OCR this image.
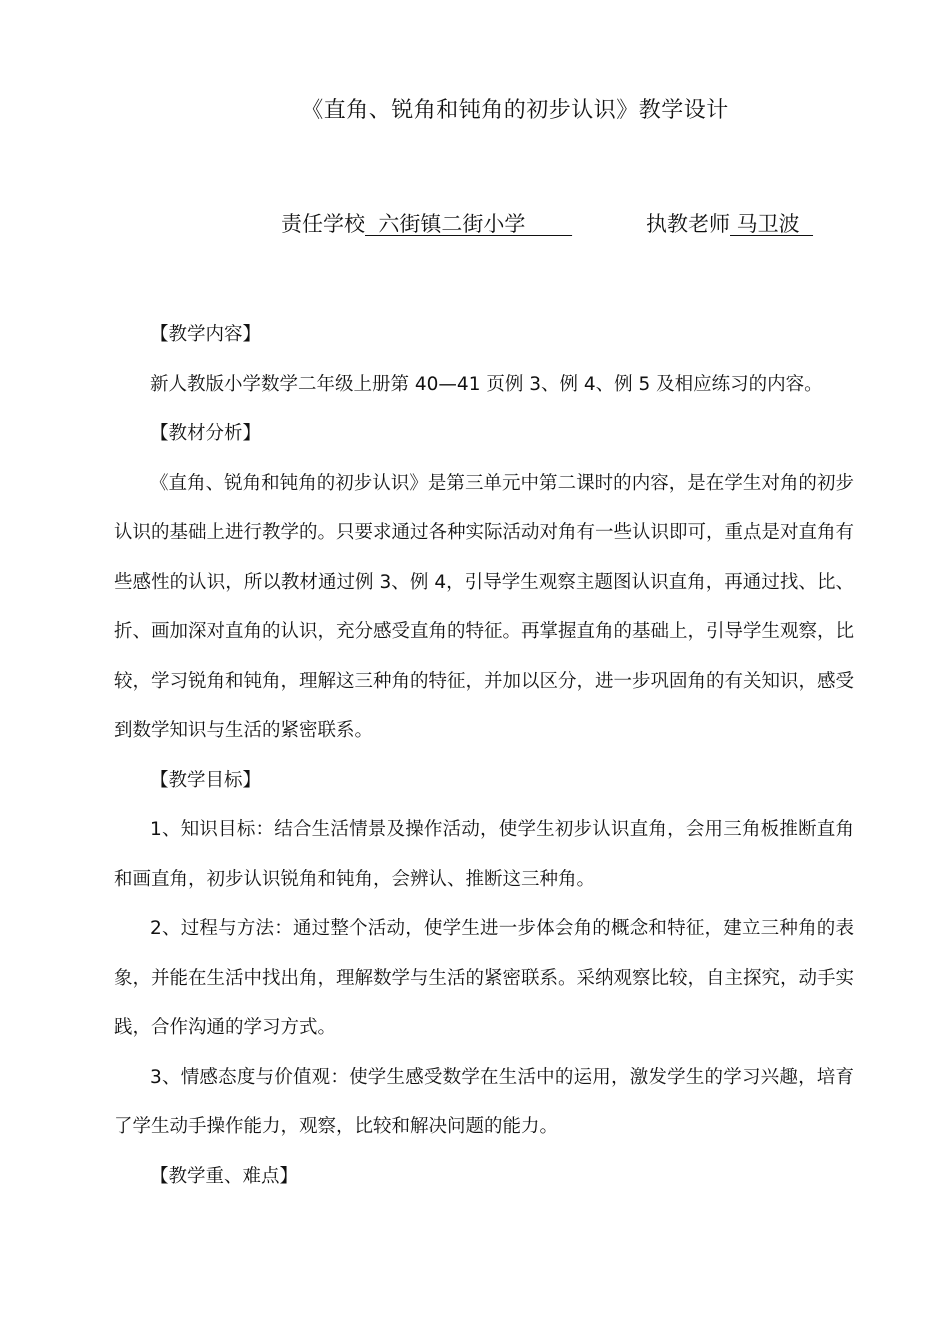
《直角、锐角和钝角的初步认识》教学设计
责任学校  六街镇二街小学	执教老师 马卫波

【教学内容】

新人教版小学数学二年级上册第 40—41 页例 3、例 4、例 5 及相应练习的内容。

【教材分析】

《直角、锐角和钝角的初步认识》是第三单元中第二课时的内容，是在学生对角的初步认识的基础上进行教学的。只要求通过各种实际活动对角有一些认识即可，重点是对直角有些感性的认识，所以教材通过例 3、例 4，引导学生观察主题图认识直角，再通过找、比、折、画加深对直角的认识，充分感受直角的特征。再掌握直角的基础上，引导学生观察，比较，学习锐角和钝角，理解这三种角的特征，并加以区分，进一步巩固角的有关知识，感受到数学知识与生活的紧密联系。

【教学目标】

1、知识目标：结合生活情景及操作活动，使学生初步认识直角，会用三角板推断直角和画直角，初步认识锐角和钝角，会辨认、推断这三种角。

2、过程与方法：通过整个活动，使学生进一步体会角的概念和特征，建立三种角的表象，并能在生活中找出角，理解数学与生活的紧密联系。采纳观察比较，自主探究，动手实践，合作沟通的学习方式。

3、情感态度与价值观：使学生感受数学在生活中的运用，激发学生的学习兴趣，培育了学生动手操作能力，观察，比较和解决问题的能力。

【教学重、难点】
